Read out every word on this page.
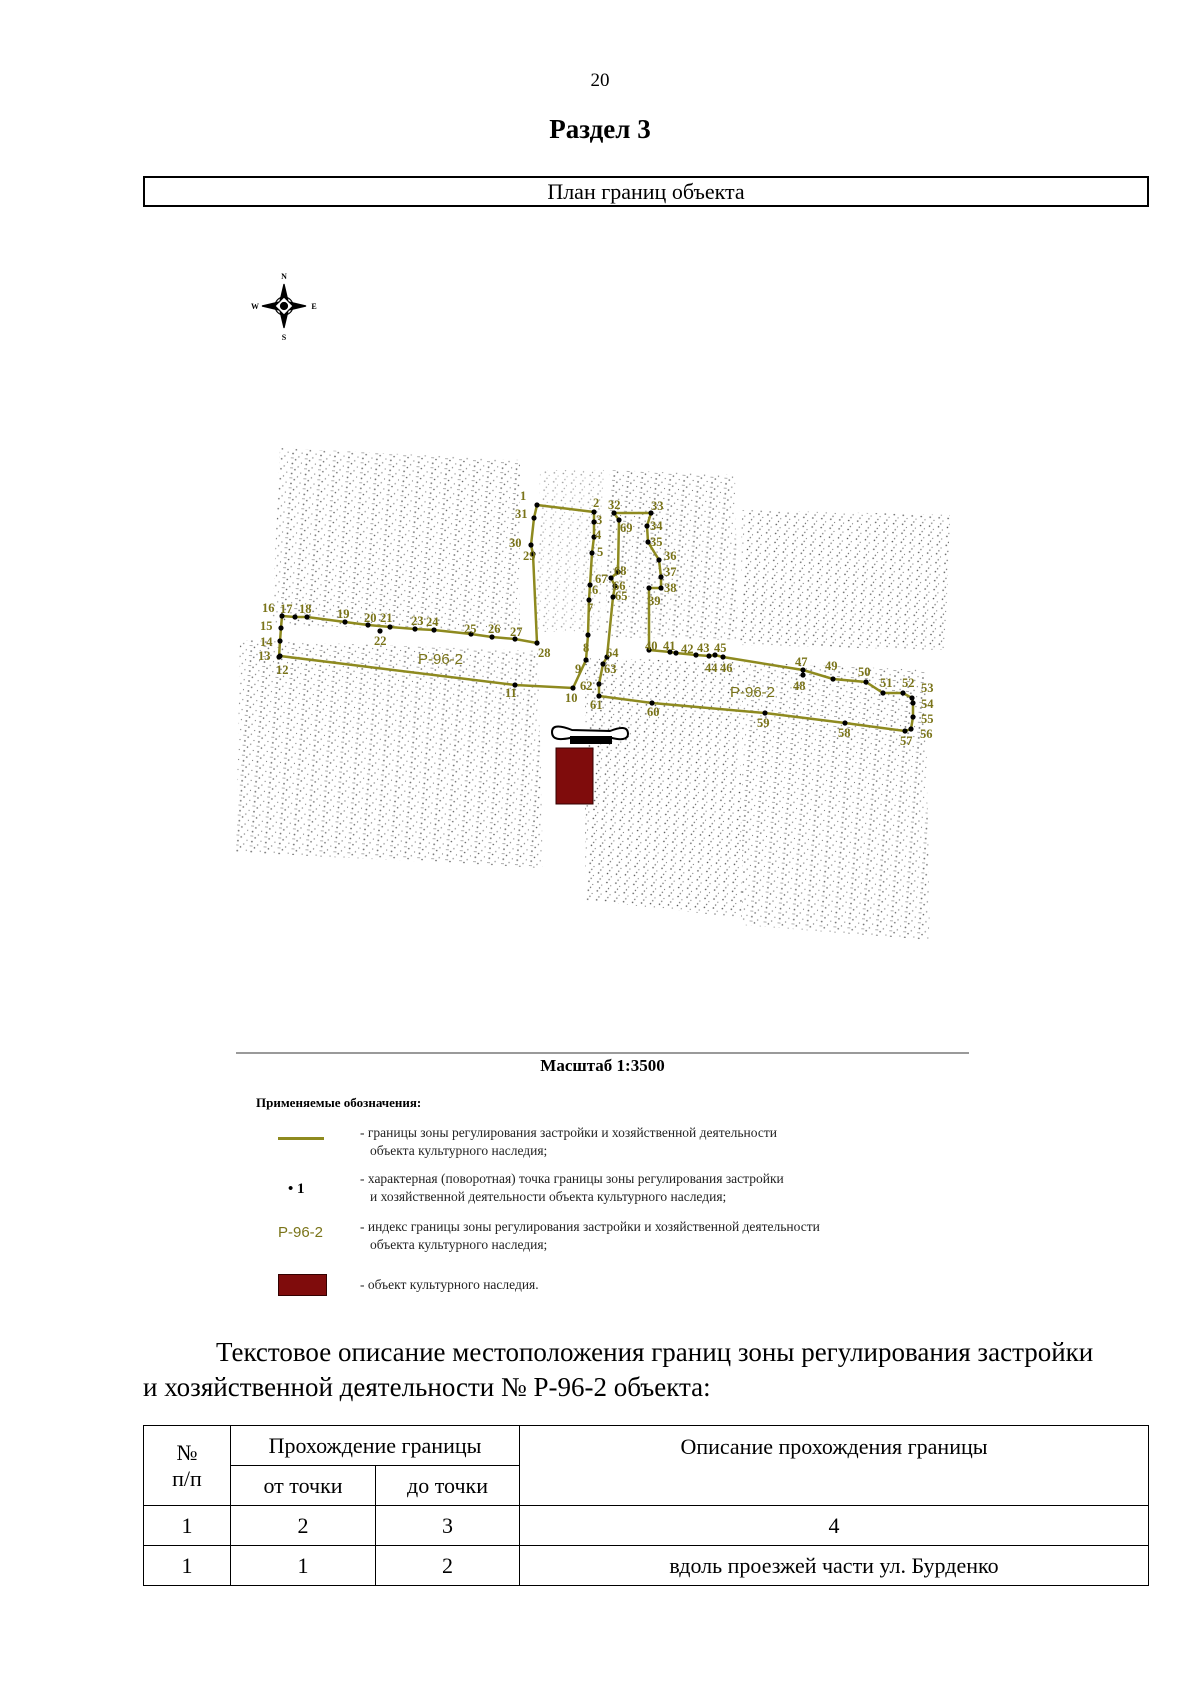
20
Раздел 3
План границ объекта
N
S
W	E
1	2
3
4
5
6
7
8
9
10
11
12
13
14
15
16 17 18 19 20 21
22
23 24 25 26 27
28
29
30
31
32 33
34
35
36
37
38
39
40 41 42 43
44
45
46	47
48
49 50
51 52 53
54
55
56
57
58
59
60
61
62
63
64
65
66
67
68
69
Р-96-2
Р-96-2
Масштаб 1:3500
Применяемые обозначения:
- границы зоны регулирования застройки и хозяйственной деятельности
объекта культурного наследия;
• 1
- характерная (поворотная) точка границы зоны регулирования застройки
и хозяйственной деятельности объекта культурного наследия;
Р-96-2	- индекс границы зоны регулирования застройки и хозяйственной деятельности
объекта культурного наследия;
- объект культурного наследия.
Текстовое описание местоположения границ зоны регулирования застройки
и хозяйственной деятельности № Р-96-2 объекта:
№
п/п	Прохождение границы		Описание прохождения границы
	от точки	до точки	
1	2	3	4
1	1	2	вдоль проезжей части ул. Бурденко
